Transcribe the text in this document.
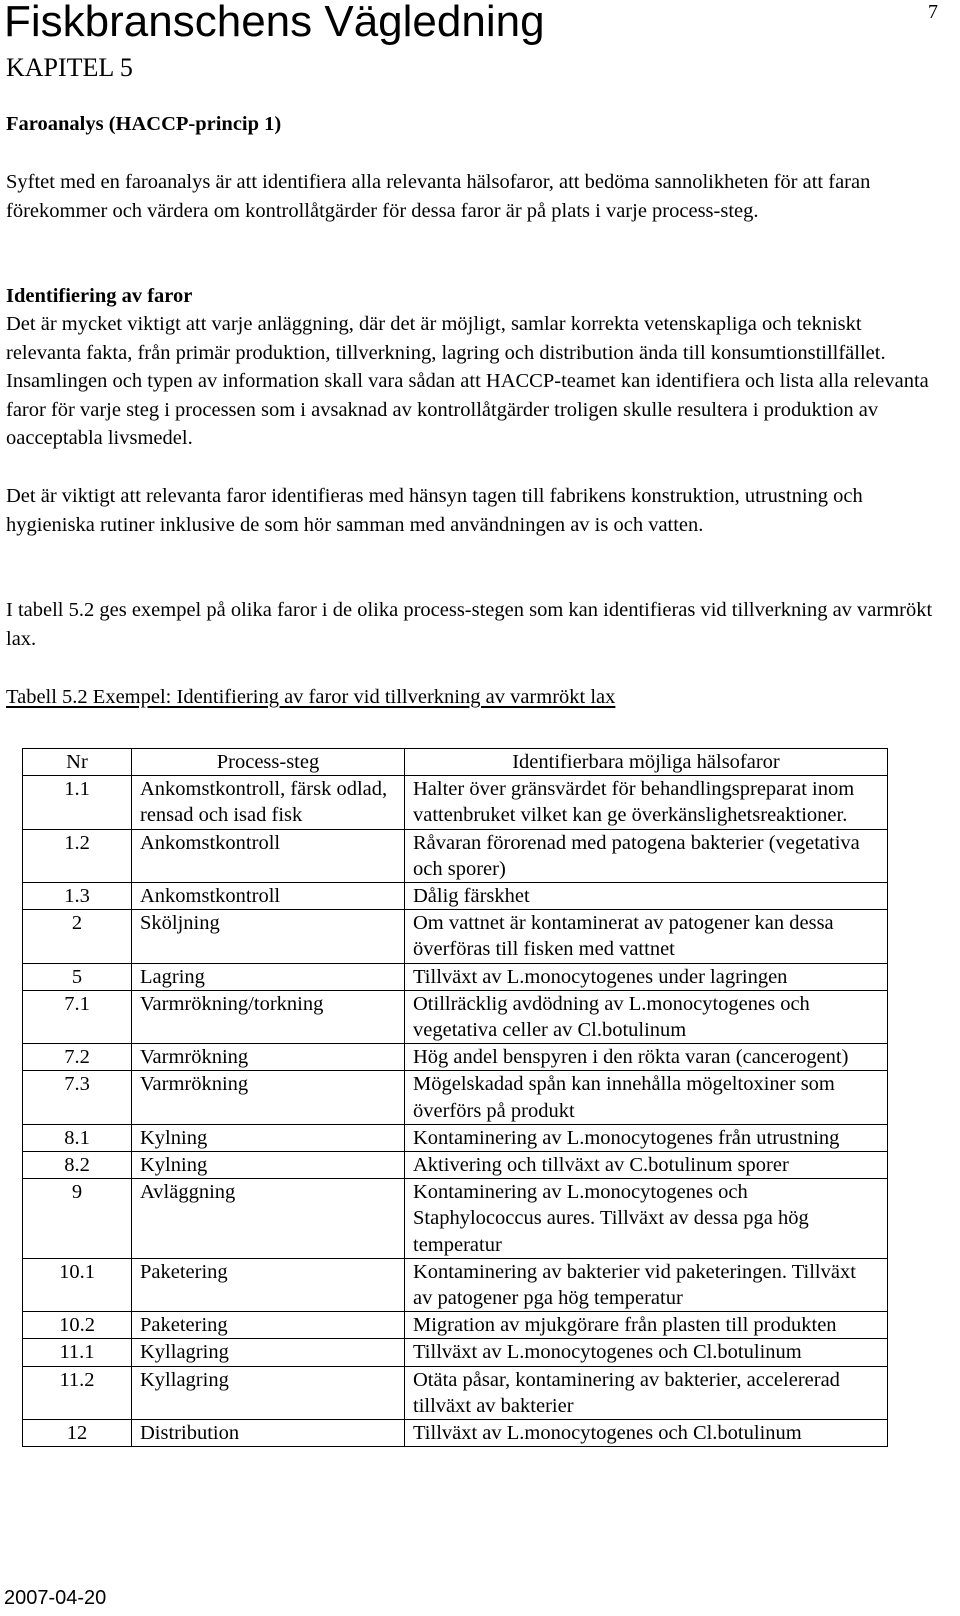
Fiskbranschens Vägledning	7
KAPITEL 5

Faroanalys (HACCP-princip 1)

Syftet med en faroanalys är att identifiera alla relevanta hälsofaror, att bedöma sannolikheten för att faran förekommer och värdera om kontrollåtgärder för dessa faror är på plats i varje process-steg.

Identifiering av faror

Det är mycket viktigt att varje anläggning, där det är möjligt, samlar korrekta vetenskapliga och tekniskt relevanta fakta, från primär produktion, tillverkning, lagring och distribution ända till konsumtionstillfället. Insamlingen och typen av information skall vara sådan att HACCP-teamet kan identifiera och lista alla relevanta faror för varje steg i processen som i avsaknad av kontrollåtgärder troligen skulle resultera i produktion av oacceptabla livsmedel.

Det är viktigt att relevanta faror identifieras med hänsyn tagen till fabrikens konstruktion, utrustning och hygieniska rutiner inklusive de som hör samman med användningen av is och vatten.

I tabell 5.2 ges exempel på olika faror i de olika process-stegen som kan identifieras vid tillverkning av varmrökt lax.

Tabell 5.2 Exempel: Identifiering av faror vid tillverkning av varmrökt lax

Nr	Process-steg	Identifierbara möjliga hälsofaror
1.1	Ankomstkontroll, färsk odlad, rensad och isad fisk	Halter över gränsvärdet för behandlingspreparat inom vattenbruket vilket kan ge överkänslighetsreaktioner.
1.2	Ankomstkontroll	Råvaran förorenad med patogena bakterier (vegetativa och sporer)
1.3	Ankomstkontroll	Dålig färskhet
2	Sköljning	Om vattnet är kontaminerat av patogener kan dessa överföras till fisken med vattnet
5	Lagring	Tillväxt av L.monocytogenes under lagringen
7.1	Varmrökning/torkning	Otillräcklig avdödning av L.monocytogenes och vegetativa celler av Cl.botulinum
7.2	Varmrökning	Hög andel benspyren i den rökta varan (cancerogent)
7.3	Varmrökning	Mögelskadad spån kan innehålla mögeltoxiner som överförs på produkt
8.1	Kylning	Kontaminering av L.monocytogenes från utrustning
8.2	Kylning	Aktivering och tillväxt av C.botulinum sporer
9	Avläggning	Kontaminering av L.monocytogenes och Staphylococcus aures. Tillväxt av dessa pga hög temperatur
10.1	Paketering	Kontaminering av bakterier vid paketeringen. Tillväxt av patogener pga hög temperatur
10.2	Paketering	Migration av mjukgörare från plasten till produkten
11.1	Kyllagring	Tillväxt av L.monocytogenes och Cl.botulinum
11.2	Kyllagring	Otäta påsar, kontaminering av bakterier, accelererad tillväxt av bakterier
12	Distribution	Tillväxt av L.monocytogenes och Cl.botulinum
2007-04-20
